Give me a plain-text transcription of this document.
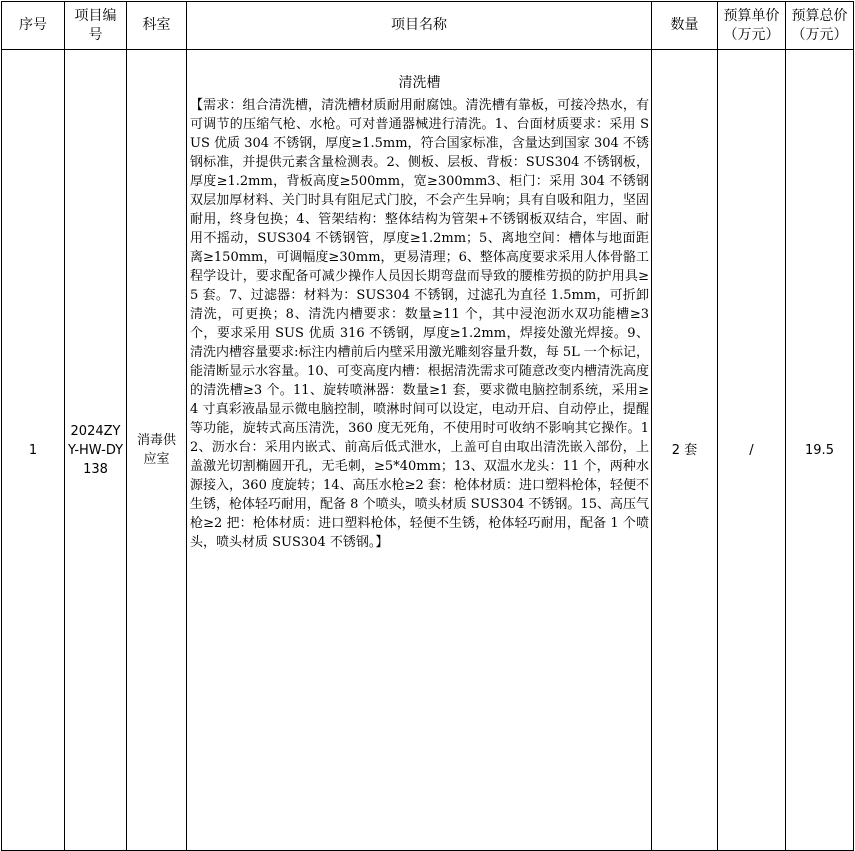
序号	项目编号	科室	项目名称	数量	预算单价（万元）	预算总价（万元）
1	2024ZYY-HW-DY138	消毒供应室	清洗槽
【需求：组合清洗槽，清洗槽材质耐用耐腐蚀。清洗槽有靠板，可接冷热水，有可调节的压缩气枪、水枪。可对普通器械进行清洗。1、台面材质要求：采用 SUS 优质 304 不锈钢，厚度≥1.5mm，符合国家标准，含量达到国家 304 不锈钢标准，并提供元素含量检测表。2、侧板、层板、背板：SUS304 不锈钢板，厚度≥1.2mm，背板高度≥500mm，宽≥300mm3、柜门：采用 304 不锈钢双层加厚材料、关门时具有阻尼式门胶，不会产生异响；具有自吸和阻力，坚固耐用，终身包换；4、管架结构：整体结构为管架+不锈钢板双结合，牢固、耐用不摇动，SUS304 不锈钢管，厚度≥1.2mm；5、离地空间：槽体与地面距离≥150mm，可调幅度≥30mm，更易清理；6、整体高度要求采用人体骨骼工程学设计，要求配备可减少操作人员因长期弯盘而导致的腰椎劳损的防护用具≥5 套。7、过滤器：材料为：SUS304 不锈钢，过滤孔为直径 1.5mm，可折卸清洗，可更换；8、清洗内槽要求：数量≥11 个，其中浸泡沥水双功能槽≥3 个，要求采用 SUS 优质 316 不锈钢，厚度≥1.2mm，焊接处激光焊接。9、清洗内槽容量要求:标注内槽前后内壁采用激光雕刻容量升数，每 5L 一个标记，能清断显示水容量。10、可变高度内槽：根据清洗需求可随意改变内槽清洗高度的清洗槽≥3 个。11、旋转喷淋器：数量≥1 套，要求微电脑控制系统，采用≥4 寸真彩液晶显示微电脑控制，喷淋时间可以设定，电动开启、自动停止，提醒等功能，旋转式高压清洗，360 度无死角，不使用时可收纳不影响其它操作。12、沥水台：采用内嵌式、前高后低式泄水，上盖可自由取出清洗嵌入部份，上盖激光切割椭圆开孔，无毛刺，≥5*40mm；13、双温水龙头：11 个，两种水源接入，360 度旋转；14、高压水枪≥2 套：枪体材质：进口塑料枪体，轻便不生锈，枪体轻巧耐用，配备 8 个喷头，喷头材质 SUS304 不锈钢。15、高压气枪≥2 把：枪体材质：进口塑料枪体，轻便不生锈，枪体轻巧耐用，配备 1 个喷头，喷头材质 SUS304 不锈钢。】	2 套	/	19.5
